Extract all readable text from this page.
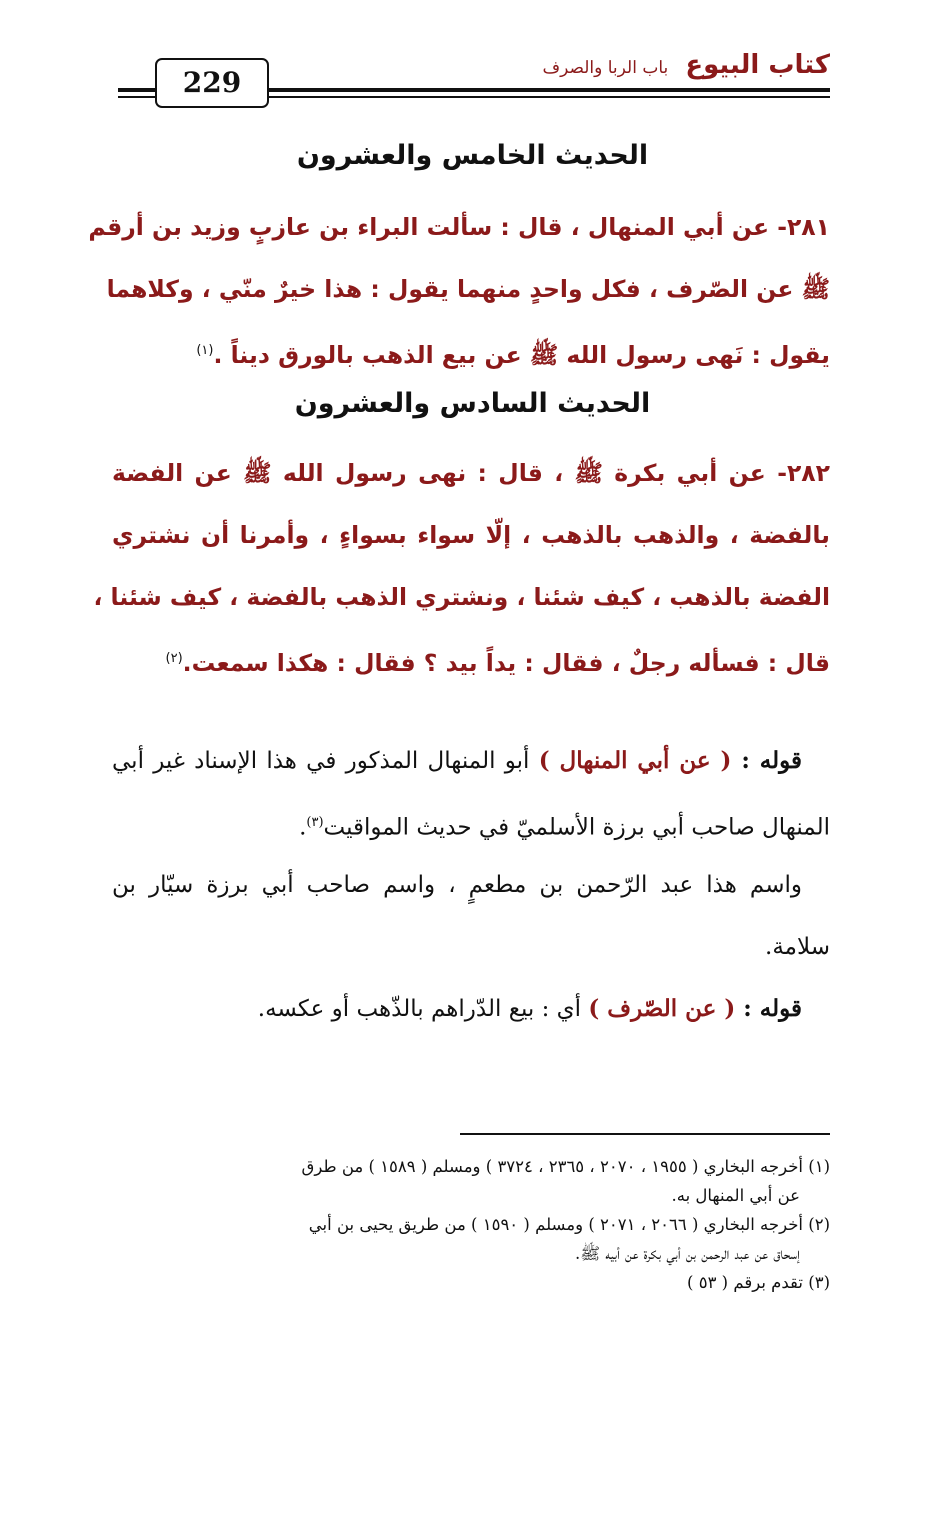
229
كتاب البيوع باب الربا والصرف
الحديث الخامس والعشرون
٢٨١- عن أبي المنهال ، قال : سألت البراء بن عازبٍ وزيد بن أرقم
ﷺ عن الصّرف ، فكل واحدٍ منهما يقول : هذا خيرٌ منّي ، وكلاهما
يقول : نَهى رسول الله ﷺ عن بيع الذهب بالورق ديناً .$^{(١)}$
الحديث السادس والعشرون
٢٨٢- عن أبي بكرة ﷺ ، قال : نهى رسول الله ﷺ عن الفضة
بالفضة ، والذهب بالذهب ، إلّا سواء بسواءٍ ، وأمرنا أن نشتري
الفضة بالذهب ، كيف شئنا ، ونشتري الذهب بالفضة ، كيف شئنا ،
قال : فسأله رجلٌ ، فقال : يداً بيد ؟ فقال : هكذا سمعت.$^{(٢)}$
قوله : ( عن أبي المنهال ) أبو المنهال المذكور في هذا الإسناد غير أبي
المنهال صاحب أبي برزة الأسلميّ في حديث المواقيت$^{(٣)}$.
واسم هذا عبد الرّحمن بن مطعمٍ ، واسم صاحب أبي برزة سيّار بن
سلامة.
قوله : ( عن الصّرف ) أي : بيع الدّراهم بالذّهب أو عكسه.
(١) أخرجه البخاري ( ١٩٥٥ ، ٢٠٧٠ ، ٢٣٦٥ ، ٣٧٢٤ ) ومسلم ( ١٥٨٩ ) من طرق
عن أبي المنهال به.
(٢) أخرجه البخاري ( ٢٠٦٦ ، ٢٠٧١ ) ومسلم ( ١٥٩٠ ) من طريق يحيى بن أبي
إسحاق عن عبد الرحمن بن أبي بكرة عن أبيه ﷺ.
(٣) تقدم برقم ( ٥٣ )
